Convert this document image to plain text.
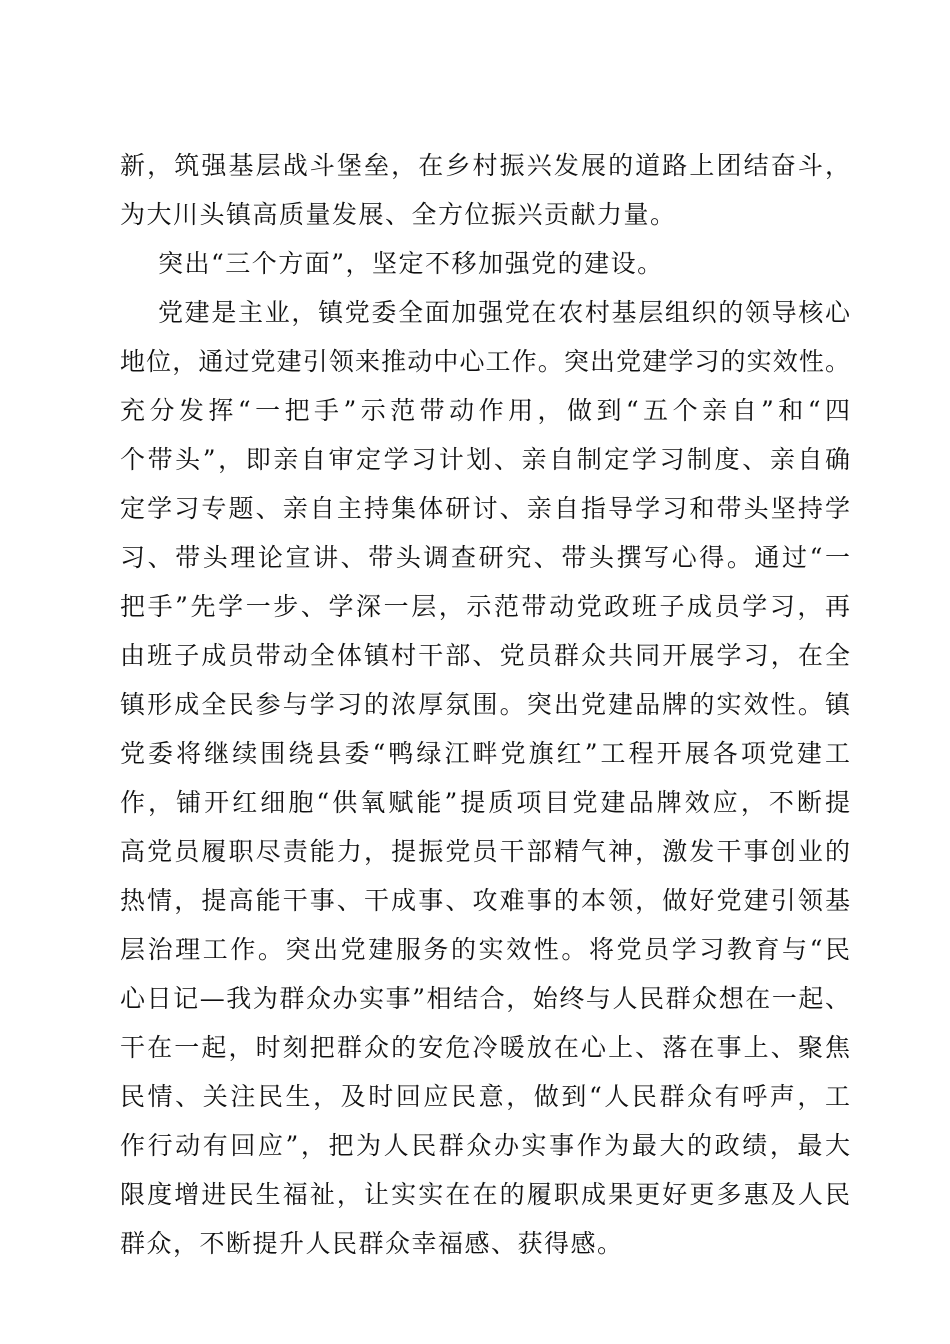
新，筑强基层战斗堡垒，在乡村振兴发展的道路上团结奋斗，
为大川头镇高质量发展、全方位振兴贡献力量。
突出“三个方面”，坚定不移加强党的建设。
党建是主业，镇党委全面加强党在农村基层组织的领导核心
地位，通过党建引领来推动中心工作。突出党建学习的实效性。
充分发挥“一把手”示范带动作用，做到“五个亲自”和“四
个带头”，即亲自审定学习计划、亲自制定学习制度、亲自确
定学习专题、亲自主持集体研讨、亲自指导学习和带头坚持学
习、带头理论宣讲、带头调查研究、带头撰写心得。通过“一
把手”先学一步、学深一层，示范带动党政班子成员学习，再
由班子成员带动全体镇村干部、党员群众共同开展学习，在全
镇形成全民参与学习的浓厚氛围。突出党建品牌的实效性。镇
党委将继续围绕县委“鸭绿江畔党旗红”工程开展各项党建工
作，铺开红细胞“供氧赋能”提质项目党建品牌效应，不断提
高党员履职尽责能力，提振党员干部精气神，激发干事创业的
热情，提高能干事、干成事、攻难事的本领，做好党建引领基
层治理工作。突出党建服务的实效性。将党员学习教育与“民
心日记—我为群众办实事”相结合，始终与人民群众想在一起、
干在一起，时刻把群众的安危冷暖放在心上、落在事上、聚焦
民情、关注民生，及时回应民意，做到“人民群众有呼声，工
作行动有回应”，把为人民群众办实事作为最大的政绩，最大
限度增进民生福祉，让实实在在的履职成果更好更多惠及人民
群众，不断提升人民群众幸福感、获得感。
